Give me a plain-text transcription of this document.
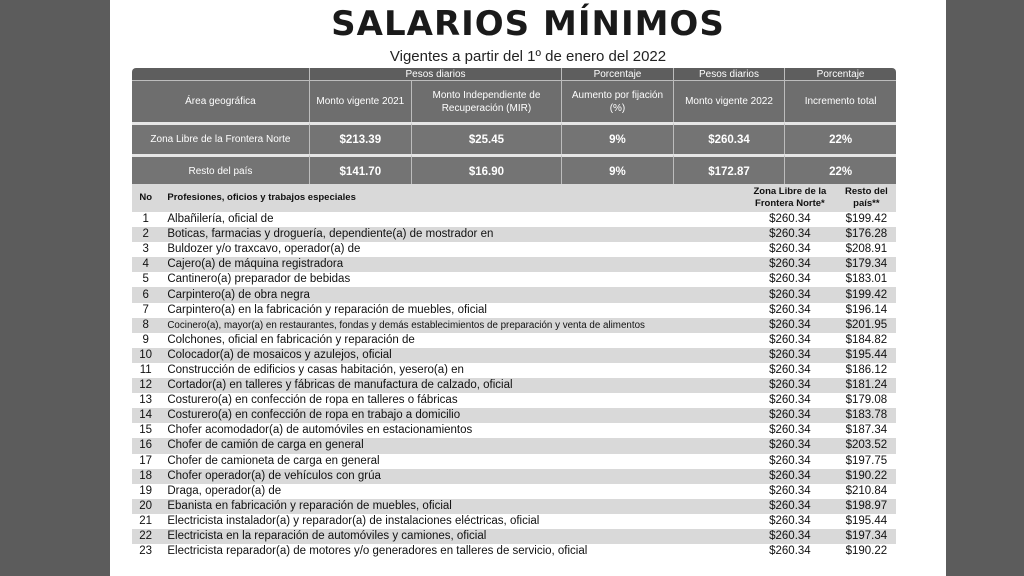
SALARIOS MÍNIMOS
Vigentes a partir del 1º de enero del 2022
	Pesos diarios		Porcentaje	Pesos diarios	Porcentaje
Área geográfica	Monto vigente 2021	Monto Independiente de Recuperación (MIR)	Aumento por fijación (%)	Monto vigente 2022	Incremento total
Zona Libre de la Frontera Norte	$213.39	$25.45	9%	$260.34	22%
Resto del país	$141.70	$16.90	9%	$172.87	22%
No	Profesiones, oficios y trabajos especiales	Zona Libre de la Frontera Norte*	Resto del país**
1	Albañilería, oficial de	$260.34	$199.42
2	Boticas, farmacias y droguería, dependiente(a) de mostrador en	$260.34	$176.28
3	Buldozer y/o traxcavo, operador(a) de	$260.34	$208.91
4	Cajero(a) de máquina registradora	$260.34	$179.34
5	Cantinero(a) preparador de bebidas	$260.34	$183.01
6	Carpintero(a) de obra negra	$260.34	$199.42
7	Carpintero(a) en la fabricación y reparación de muebles, oficial	$260.34	$196.14
8	Cocinero(a), mayor(a) en restaurantes, fondas y demás establecimientos de preparación y venta de alimentos	$260.34	$201.95
9	Colchones, oficial en fabricación y reparación de	$260.34	$184.82
10	Colocador(a) de mosaicos y azulejos, oficial	$260.34	$195.44
11	Construcción de edificios y casas habitación, yesero(a) en	$260.34	$186.12
12	Cortador(a) en talleres y fábricas de manufactura de calzado, oficial	$260.34	$181.24
13	Costurero(a) en confección de ropa en talleres o fábricas	$260.34	$179.08
14	Costurero(a) en confección de ropa en trabajo a domicilio	$260.34	$183.78
15	Chofer acomodador(a) de automóviles en estacionamientos	$260.34	$187.34
16	Chofer de camión de carga en general	$260.34	$203.52
17	Chofer de camioneta de carga en general	$260.34	$197.75
18	Chofer operador(a) de vehículos con grúa	$260.34	$190.22
19	Draga, operador(a) de	$260.34	$210.84
20	Ebanista en fabricación y reparación de muebles, oficial	$260.34	$198.97
21	Electricista instalador(a) y reparador(a) de instalaciones eléctricas, oficial	$260.34	$195.44
22	Electricista en la reparación de automóviles y camiones, oficial	$260.34	$197.34
23	Electricista reparador(a) de motores y/o generadores en talleres de servicio, oficial	$260.34	$190.22
